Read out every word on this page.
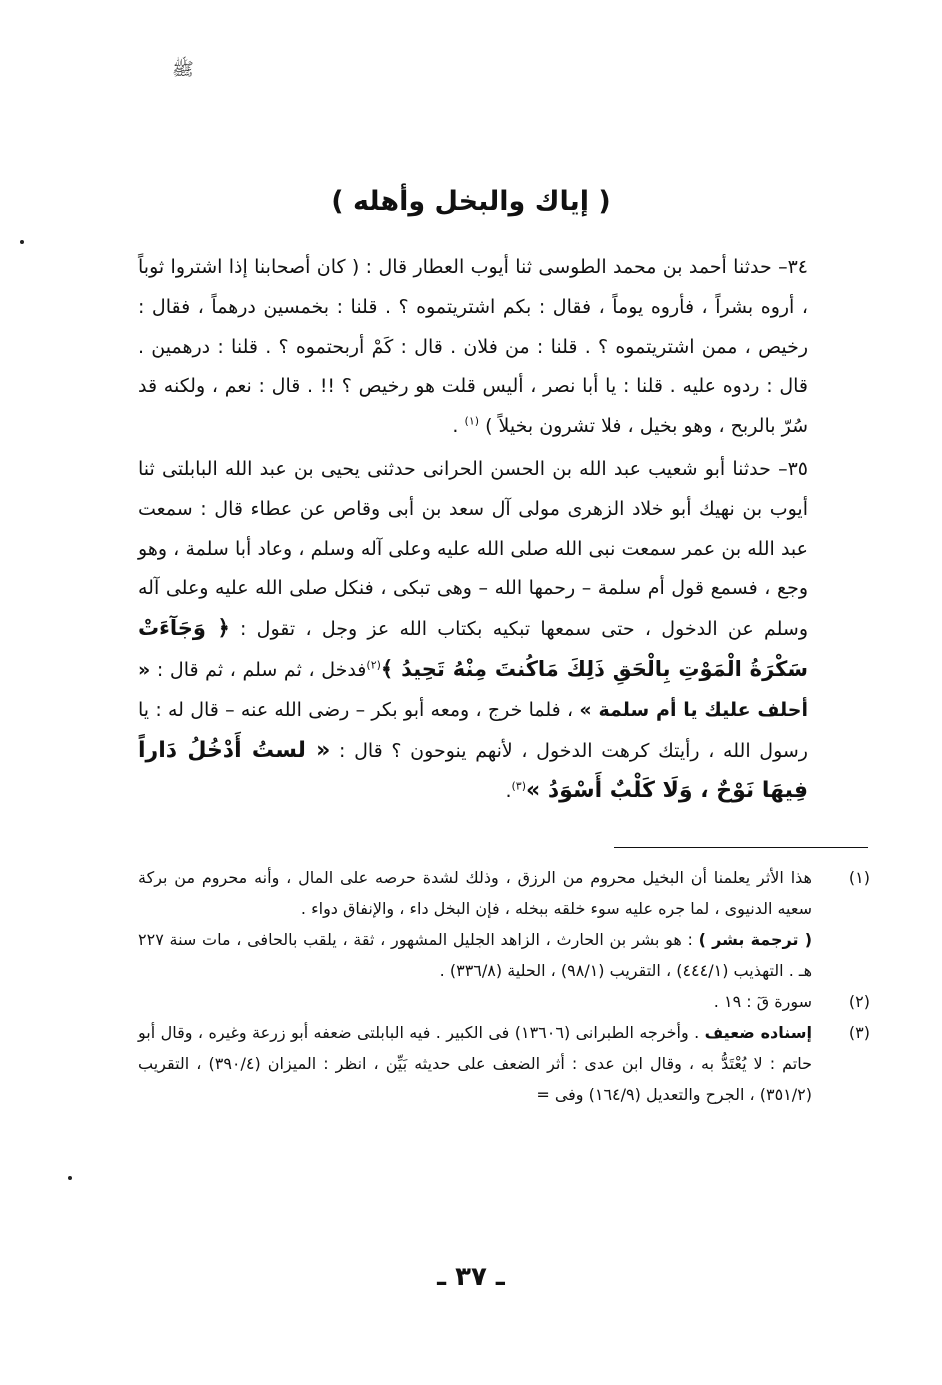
ﷺ
( إياك والبخل وأهله )

٣٤– حدثنا أحمد بن محمد الطوسى ثنا أيوب العطار قال : ( كان أصحابنا إذا اشتروا ثوباً ، أروه بشراً ، فأروه يوماً ، فقال : بكم اشتريتموه ؟ . قلنا : بخمسين درهماً ، فقال : رخيص ، ممن اشتريتموه ؟ . قلنا : من فلان . قال : كَمْ أربحتموه ؟ . قلنا : درهمين . قال : ردوه عليه . قلنا : يا أبا نصر ، أليس قلت هو رخيص ؟ !! . قال : نعم ، ولكنه قد سُرّ بالربح ، وهو بخيل ، فلا تشرون بخيلاً ) $^{(١)}$ .

٣٥– حدثنا أبو شعيب عبد الله بن الحسن الحرانى حدثنى يحيى بن عبد الله البابلتى ثنا أيوب بن نهيك أبو خلاد الزهرى مولى آل سعد بن أبى وقاص عن عطاء قال : سمعت عبد الله بن عمر سمعت نبى الله صلى الله عليه وعلى آله وسلم ، وعاد أبا سلمة ، وهو وجع ، فسمع قول أم سلمة – رحمها الله – وهى تبكى ، فنكل صلى الله عليه وعلى آله وسلم عن الدخول ، حتى سمعها تبكيه بكتاب الله عز وجل ، تقول : ﴿ وَجَآءَتْ سَكْرَةُ الْمَوْتِ بِالْحَقِ ذَلِكَ مَاكُنتَ مِنْهُ تَحِيدُ ﴾$^{(٢)}$فدخل ، ثم سلم ، ثم قال : « أحلف عليك يا أم سلمة » ، فلما خرج ، ومعه أبو بكر – رضى الله عنه – قال له : يا رسول الله ، رأيتك كرهت الدخول ، لأنهم ينوحون ؟ قال : « لستُ أَدْخُلُ دَاراً فِيهَا نَوْحٌ ، وَلَا كَلْبٌ أَسْوَدُ »$^{(٣)}$.

(١)
هذا الأثر يعلمنا أن البخيل محروم من الرزق ، وذلك لشدة حرصه على المال ، وأنه محروم من بركة سعيه الدنيوى ، لما جره عليه سوء خلقه ببخله ، فإن البخل داء ، والإنفاق دواء .
( ترجمة بشر ) : هو بشر بن الحارث ، الزاهد الجليل المشهور ، ثقة ، يلقب بالحافى ، مات سنة ٢٢٧ هـ . التهذيب (٤٤٤/١) ، التقريب (٩٨/١) ، الحلية (٣٣٦/٨) .
(٢)
سورة قٓ : ١٩ .
(٣)
إسناده ضعيف . وأخرجه الطبرانى (١٣٦٠٦) فى الكبير . فيه البابلتى ضعفه أبو زرعة وغيره ، وقال أبو حاتم : لا يُعْتَدُّ به ، وقال ابن عدى : أثر الضعف على حديثه بَيِّن ، انظر : الميزان (٣٩٠/٤) ، التقريب (٣٥١/٢) ، الجرح والتعديل (١٦٤/٩) وفى =
ـ ٣٧ ـ
